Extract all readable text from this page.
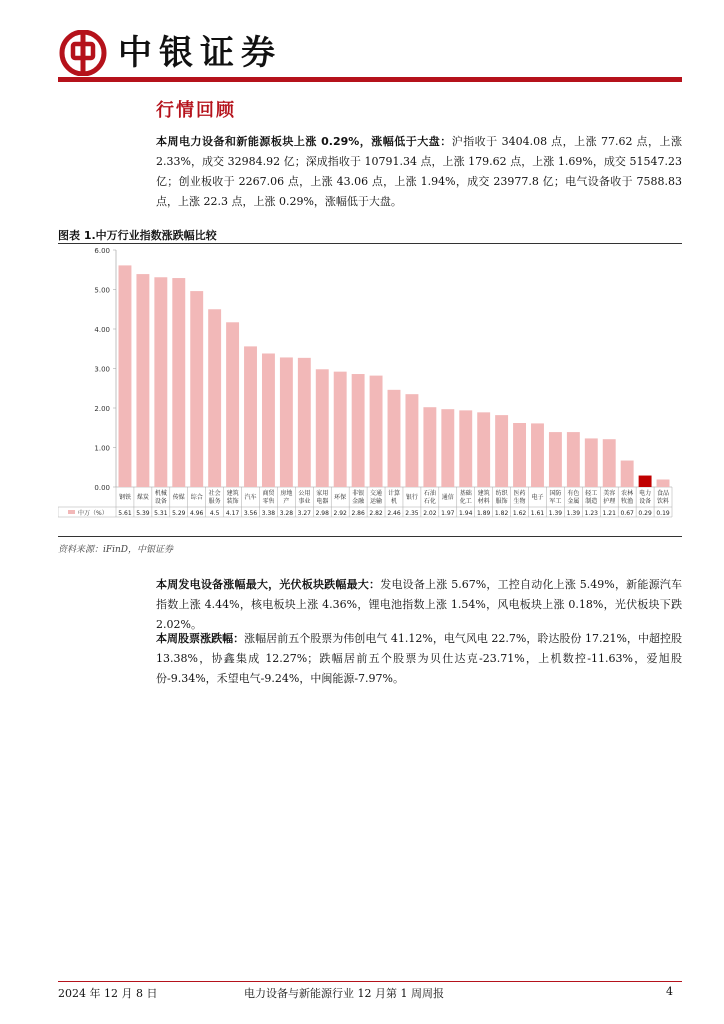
中银证券
行情回顾
本周电力设备和新能源板块上涨 0.29%，涨幅低于大盘：沪指收于 3404.08 点，上涨 77.62 点，上涨 2.33%，成交 32984.92 亿；深成指收于 10791.34 点，上涨 179.62 点，上涨 1.69%，成交 51547.23 亿；创业板收于 2267.06 点，上涨 43.06 点，上涨 1.94%，成交 23977.8 亿；电气设备收于 7588.83 点，上涨 22.3 点，上涨 0.29%，涨幅低于大盘。
图表 1.中万行业指数涨跌幅比较
0.00
1.00
2.00
3.00
4.00
5.00
6.00
中万（%）
钢铁
5.61
煤炭
5.39
机械设备
5.31
传媒
5.29
综合
4.96
社会服务
4.5
建筑装饰
4.17
汽车
3.56
商贸零售
3.38
房地产
3.28
公用事业
3.27
家用电器
2.98
环保
2.92
非银金融
2.86
交通运输
2.82
计算机
2.46
银行
2.35
石油石化
2.02
通信
1.97
基础化工
1.94
建筑材料
1.89
纺织服饰
1.82
医药生物
1.62
电子
1.61
国防军工
1.39
有色金属
1.39
轻工制造
1.23
美容护理
1.21
农林牧渔
0.67
电力设备
0.29
食品饮料
0.19
资料来源：iFinD，中银证券
本周发电设备涨幅最大，光伏板块跌幅最大：发电设备上涨 5.67%，工控自动化上涨 5.49%，新能源汽车指数上涨 4.44%，核电板块上涨 4.36%，锂电池指数上涨 1.54%，风电板块上涨 0.18%，光伏板块下跌 2.02%。
本周股票涨跌幅：涨幅居前五个股票为伟创电气 41.12%，电气风电 22.7%，聆达股份 17.21%，中超控股 13.38%，协鑫集成 12.27%；跌幅居前五个股票为贝仕达克-23.71%，上机数控-11.63%，爱旭股份-9.34%，禾望电气-9.24%，中闽能源-7.97%。
2024 年 12 月 8 日	电力设备与新能源行业 12 月第 1 周周报	4
